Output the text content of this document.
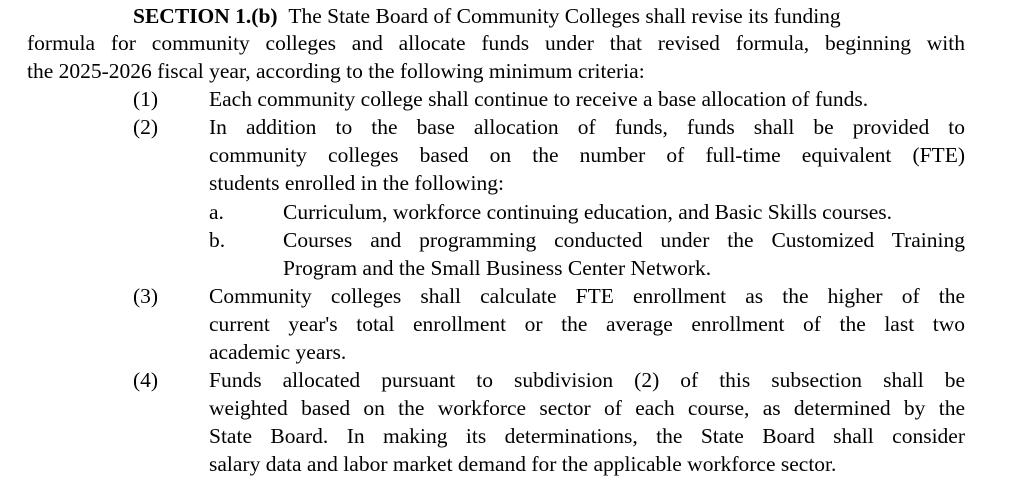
SECTION 1.(b) The State Board of Community Colleges shall revise its funding
formula for community colleges and allocate funds under that revised formula, beginning with
the 2025-2026 fiscal year, according to the following minimum criteria:
(1) Each community college shall continue to receive a base allocation of funds.
(2) In addition to the base allocation of funds, funds shall be provided to
community colleges based on the number of full-time equivalent (FTE)
students enrolled in the following:
a.	Curriculum, workforce continuing education, and Basic Skills courses.
b.	Courses and programming conducted under the Customized Training
Program and the Small Business Center Network.
(3) Community colleges shall calculate FTE enrollment as the higher of the
current year's total enrollment or the average enrollment of the last two
academic years.
(4) Funds allocated pursuant to subdivision (2) of this subsection shall be
weighted based on the workforce sector of each course, as determined by the
State Board. In making its determinations, the State Board shall consider
salary data and labor market demand for the applicable workforce sector.
